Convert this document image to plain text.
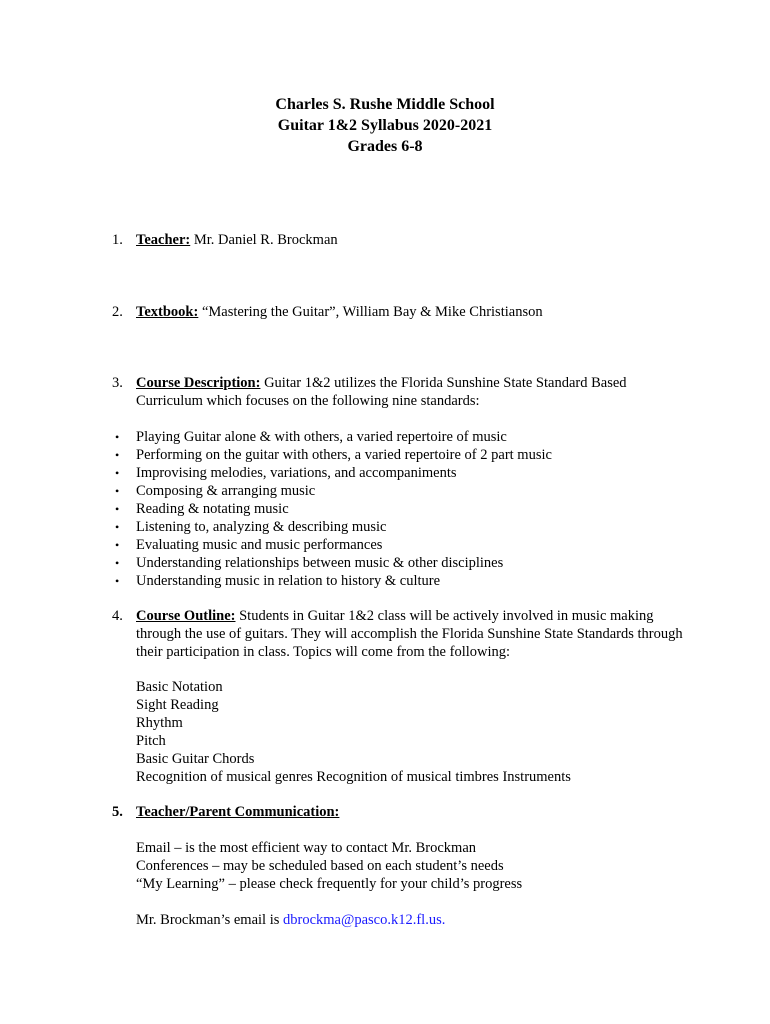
Charles S. Rushe Middle School
Guitar 1&2 Syllabus 2020-2021
Grades 6-8
1. Teacher: Mr. Daniel R. Brockman
2. Textbook: “Mastering the Guitar”, William Bay & Mike Christianson
3. Course Description: Guitar 1&2 utilizes the Florida Sunshine State Standard Based Curriculum which focuses on the following nine standards:
• Playing Guitar alone & with others, a varied repertoire of music
• Performing on the guitar with others, a varied repertoire of 2 part music
• Improvising melodies, variations, and accompaniments
• Composing & arranging music
• Reading & notating music
• Listening to, analyzing & describing music
• Evaluating music and music performances
• Understanding relationships between music & other disciplines
• Understanding music in relation to history & culture
4. Course Outline: Students in Guitar 1&2 class will be actively involved in music making through the use of guitars. They will accomplish the Florida Sunshine State Standards through their participation in class. Topics will come from the following:
Basic Notation
Sight Reading
Rhythm
Pitch
Basic Guitar Chords
Recognition of musical genres Recognition of musical timbres Instruments
5. Teacher/Parent Communication:
Email – is the most efficient way to contact Mr. Brockman
Conferences – may be scheduled based on each student’s needs
“My Learning” – please check frequently for your child’s progress
Mr. Brockman’s email is dbrockma@pasco.k12.fl.us.
